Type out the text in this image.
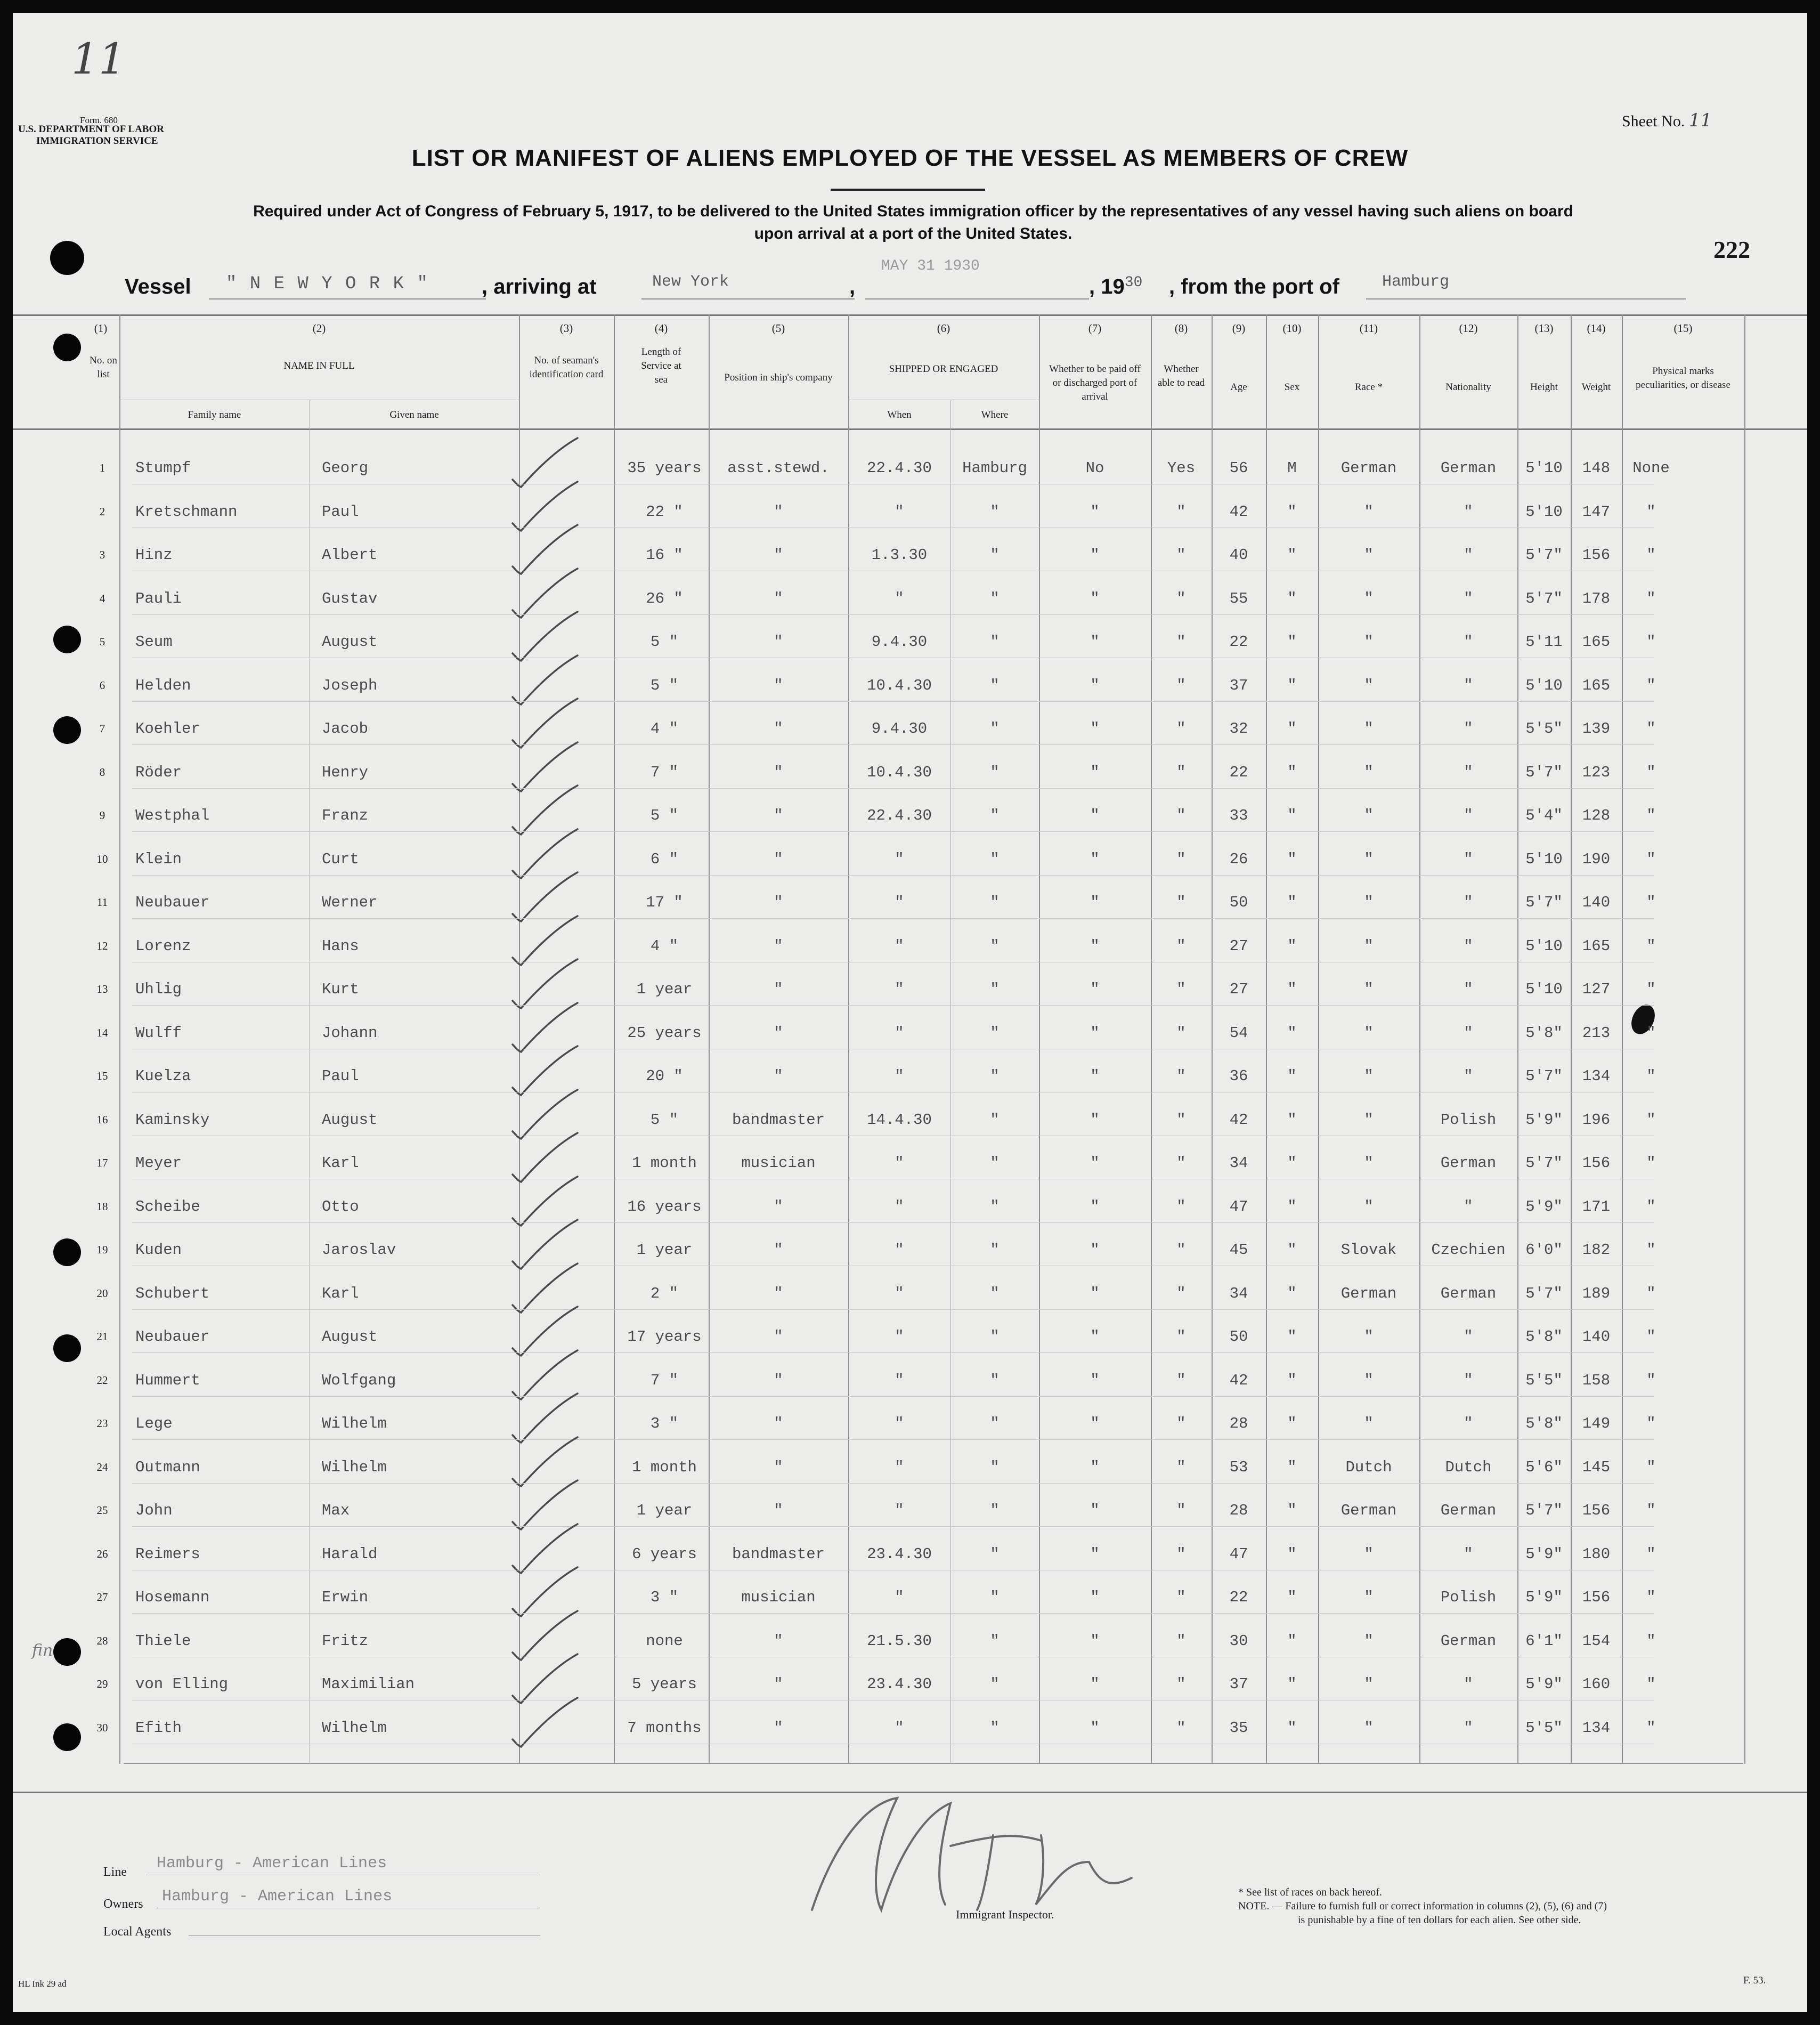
11
Form. 680
U.S. DEPARTMENT OF LABOR
IMMIGRATION SERVICE
Sheet No. 11
LIST OR MANIFEST OF ALIENS EMPLOYED OF THE VESSEL AS MEMBERS OF CREW
Required under Act of Congress of February 5, 1917, to be delivered to the United States immigration officer by the representatives of any vessel having such aliens on board
upon arrival at a port of the United States.
222
Vessel " N E W Y O R K " , arriving at	New York	,
MAY 31 1930
, $19^{30}$ , from the port of	Hamburg
(1)
No. on list
(2)
NAME IN FULL
Family name	Given name
(3)
No. of seaman's identification card
(4)
Length of Service at sea
(5)
Position in ship's company
(6)
SHIPPED OR ENGAGED
When	Where
(7)
Whether to be paid off or discharged port of arrival
(8)
Whether able to read
(9)
Age
(10)
Sex
(11)
Race *
(12)
Nationality
(13)
Height
(14)
Weight
(15)
Physical marks peculiarities, or disease
1	Stumpf	Georg	35 years	asst.stewd.	22.4.30	Hamburg	No	Yes	56	M	German	German	5'10	148	None
2	Kretschmann	Paul	22 "	"	"	"	"	"	42	"	"	"	5'10	147	"
3	Hinz	Albert	16 "	"	1.3.30	"	"	"	40	"	"	"	5'7"	156	"
4	Pauli	Gustav	26 "	"	"	"	"	"	55	"	"	"	5'7"	178	"
5	Seum	August	5 "	"	9.4.30	"	"	"	22	"	"	"	5'11	165	"
6	Helden	Joseph	5 "	"	10.4.30	"	"	"	37	"	"	"	5'10	165	"
7	Koehler	Jacob	4 "	"	9.4.30	"	"	"	32	"	"	"	5'5"	139	"
8	Röder	Henry	7 "	"	10.4.30	"	"	"	22	"	"	"	5'7"	123	"
9	Westphal	Franz	5 "	"	22.4.30	"	"	"	33	"	"	"	5'4"	128	"
10	Klein	Curt	6 "	"	"	"	"	"	26	"	"	"	5'10	190	"
11	Neubauer	Werner	17 "	"	"	"	"	"	50	"	"	"	5'7"	140	"
12	Lorenz	Hans	4 "	"	"	"	"	"	27	"	"	"	5'10	165	"
13	Uhlig	Kurt	1 year	"	"	"	"	"	27	"	"	"	5'10	127	"
14	Wulff	Johann	25 years	"	"	"	"	"	54	"	"	"	5'8"	213	"
15	Kuelza	Paul	20 "	"	"	"	"	"	36	"	"	"	5'7"	134	"
16	Kaminsky	August	5 "	bandmaster	14.4.30	"	"	"	42	"	"	Polish	5'9"	196	"
17	Meyer	Karl	1 month	musician	"	"	"	"	34	"	"	German	5'7"	156	"
18	Scheibe	Otto	16 years	"	"	"	"	"	47	"	"	"	5'9"	171	"
19	Kuden	Jaroslav	1 year	"	"	"	"	"	45	"	Slovak	Czechien	6'0"	182	"
20	Schubert	Karl	2 "	"	"	"	"	"	34	"	German	German	5'7"	189	"
21	Neubauer	August	17 years	"	"	"	"	"	50	"	"	"	5'8"	140	"
22	Hummert	Wolfgang	7 "	"	"	"	"	"	42	"	"	"	5'5"	158	"
23	Lege	Wilhelm	3 "	"	"	"	"	"	28	"	"	"	5'8"	149	"
24	Outmann	Wilhelm	1 month	"	"	"	"	"	53	"	Dutch	Dutch	5'6"	145	"
25	John	Max	1 year	"	"	"	"	"	28	"	German	German	5'7"	156	"
26	Reimers	Harald	6 years	bandmaster	23.4.30	"	"	"	47	"	"	"	5'9"	180	"
27	Hosemann	Erwin	3 "	musician	"	"	"	"	22	"	"	Polish	5'9"	156	"
28	Thiele	Fritz	none	"	21.5.30	"	"	"	30	"	"	German	6'1"	154	"
29	von Elling	Maximilian	5 years	"	23.4.30	"	"	"	37	"	"	"	5'9"	160	"
30	Efith	Wilhelm	7 months	"	"	"	"	"	35	"	"	"	5'5"	134	"
fin
Line Hamburg - American Lines
Owners Hamburg - American Lines
Local Agents
Immigrant Inspector.
* See list of races on back hereof.
NOTE. — Failure to furnish full or correct information in columns (2), (5), (6) and (7)
is punishable by a fine of ten dollars for each alien. See other side.
HL Ink 29 ad	F. 53.
